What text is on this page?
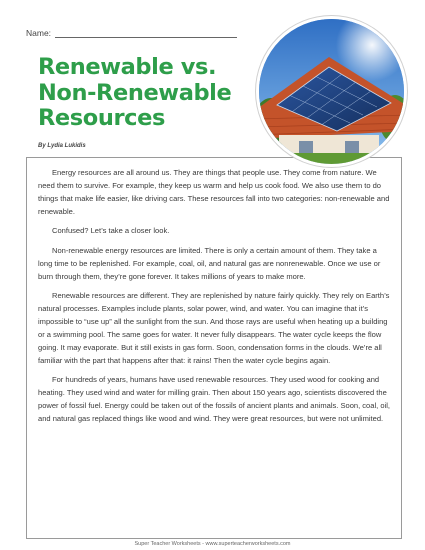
Name:
Renewable vs.
Non-Renewable
Resources
By Lydia Lukidis

Energy resources are all around us. They are things that people use. They come from nature. We need them to survive. For example, they keep us warm and help us cook food. We also use them to do things that make life easier, like driving cars. These resources fall into two categories: non-renewable and renewable.

Confused? Let’s take a closer look.

Non-renewable energy resources are limited. There is only a certain amount of them. They take a long time to be replenished. For example, coal, oil, and natural gas are nonrenewable. Once we use or burn through them, they’re gone forever. It takes millions of years to make more.

Renewable resources are different. They are replenished by nature fairly quickly. They rely on Earth’s natural processes. Examples include plants, solar power, wind, and water. You can imagine that it’s impossible to “use up” all the sunlight from the sun. And those rays are useful when heating up a building or a swimming pool. The same goes for water. It never fully disappears. The water cycle keeps the flow going. It may evaporate. But it still exists in gas form. Soon, condensation forms in the clouds. We’re all familiar with the part that happens after that: it rains! Then the water cycle begins again.

For hundreds of years, humans have used renewable resources. They used wood for cooking and heating. They used wind and water for milling grain. Then about 150 years ago, scientists discovered the power of fossil fuel. Energy could be taken out of the fossils of ancient plants and animals. Soon, coal, oil, and natural gas replaced things like wood and wind. They were great resources, but were not unlimited.

Super Teacher Worksheets - www.superteacherworksheets.com
